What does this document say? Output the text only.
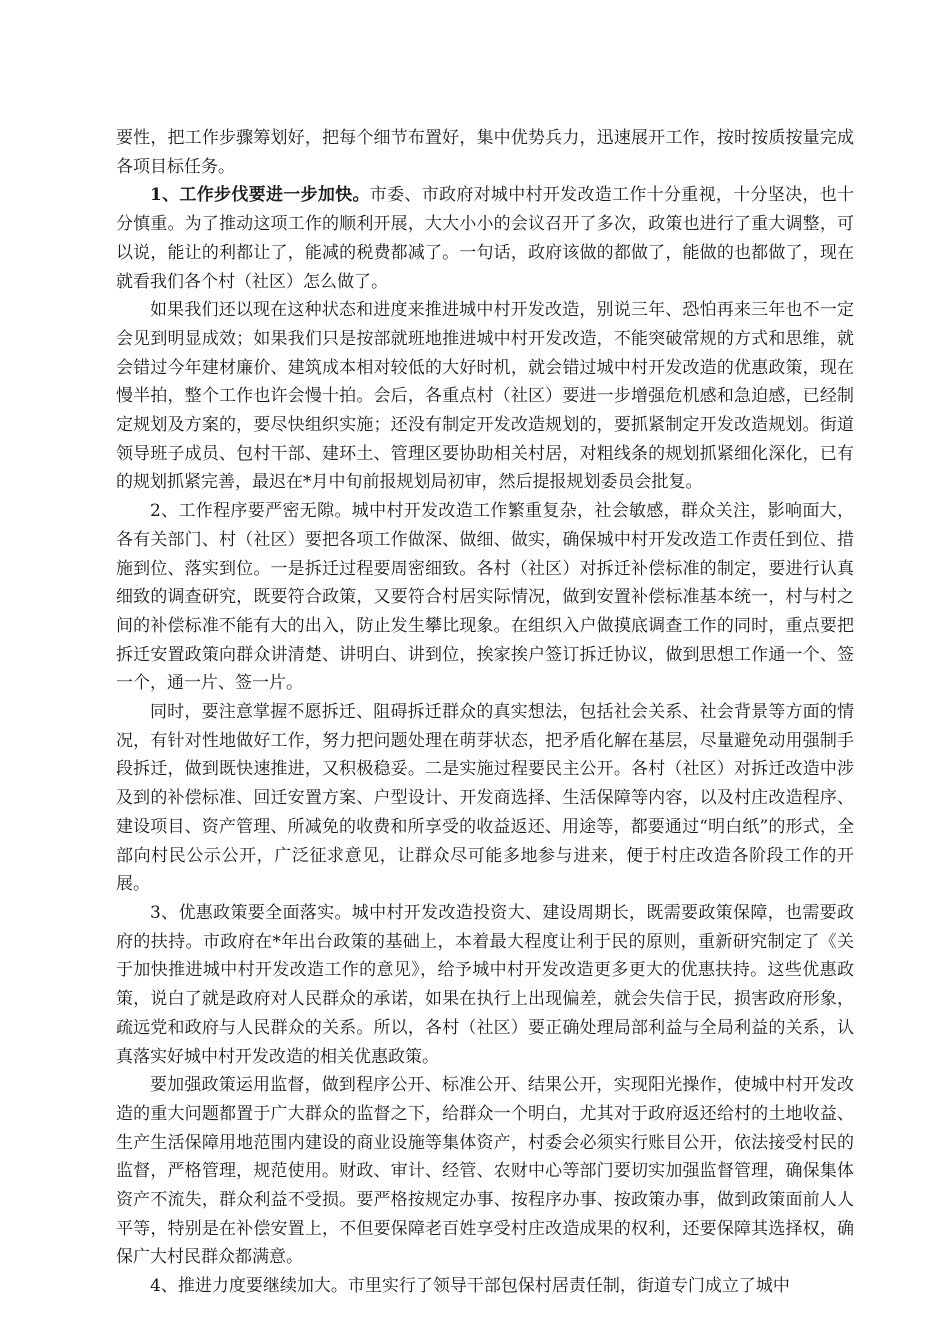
要性，把工作步骤筹划好，把每个细节布置好，集中优势兵力，迅速展开工作，按时按质按量完成各项目标任务。

1、工作步伐要进一步加快。市委、市政府对城中村开发改造工作十分重视，十分坚决，也十分慎重。为了推动这项工作的顺利开展，大大小小的会议召开了多次，政策也进行了重大调整，可以说，能让的利都让了，能减的税费都减了。一句话，政府该做的都做了，能做的也都做了，现在就看我们各个村（社区）怎么做了。

如果我们还以现在这种状态和进度来推进城中村开发改造，别说三年、恐怕再来三年也不一定会见到明显成效；如果我们只是按部就班地推进城中村开发改造，不能突破常规的方式和思维，就会错过今年建材廉价、建筑成本相对较低的大好时机，就会错过城中村开发改造的优惠政策，现在慢半拍，整个工作也许会慢十拍。会后，各重点村（社区）要进一步增强危机感和急迫感，已经制定规划及方案的，要尽快组织实施；还没有制定开发改造规划的，要抓紧制定开发改造规划。街道领导班子成员、包村干部、建环土、管理区要协助相关村居，对粗线条的规划抓紧细化深化，已有的规划抓紧完善，最迟在*月中旬前报规划局初审，然后提报规划委员会批复。

2、工作程序要严密无隙。城中村开发改造工作繁重复杂，社会敏感，群众关注，影响面大，各有关部门、村（社区）要把各项工作做深、做细、做实，确保城中村开发改造工作责任到位、措施到位、落实到位。一是拆迁过程要周密细致。各村（社区）对拆迁补偿标准的制定，要进行认真细致的调查研究，既要符合政策，又要符合村居实际情况，做到安置补偿标准基本统一，村与村之间的补偿标准不能有大的出入，防止发生攀比现象。在组织入户做摸底调查工作的同时，重点要把拆迁安置政策向群众讲清楚、讲明白、讲到位，挨家挨户签订拆迁协议，做到思想工作通一个、签一个，通一片、签一片。

同时，要注意掌握不愿拆迁、阻碍拆迁群众的真实想法，包括社会关系、社会背景等方面的情况，有针对性地做好工作，努力把问题处理在萌芽状态，把矛盾化解在基层，尽量避免动用强制手段拆迁，做到既快速推进，又积极稳妥。二是实施过程要民主公开。各村（社区）对拆迁改造中涉及到的补偿标准、回迁安置方案、户型设计、开发商选择、生活保障等内容，以及村庄改造程序、建设项目、资产管理、所减免的收费和所享受的收益返还、用途等，都要通过“明白纸”的形式，全部向村民公示公开，广泛征求意见，让群众尽可能多地参与进来，便于村庄改造各阶段工作的开展。

3、优惠政策要全面落实。城中村开发改造投资大、建设周期长，既需要政策保障，也需要政府的扶持。市政府在*年出台政策的基础上，本着最大程度让利于民的原则，重新研究制定了《关于加快推进城中村开发改造工作的意见》，给予城中村开发改造更多更大的优惠扶持。这些优惠政策，说白了就是政府对人民群众的承诺，如果在执行上出现偏差，就会失信于民，损害政府形象，疏远党和政府与人民群众的关系。所以，各村（社区）要正确处理局部利益与全局利益的关系，认真落实好城中村开发改造的相关优惠政策。

要加强政策运用监督，做到程序公开、标准公开、结果公开，实现阳光操作，使城中村开发改造的重大问题都置于广大群众的监督之下，给群众一个明白，尤其对于政府返还给村的土地收益、生产生活保障用地范围内建设的商业设施等集体资产，村委会必须实行账目公开，依法接受村民的监督，严格管理，规范使用。财政、审计、经管、农财中心等部门要切实加强监督管理，确保集体资产不流失，群众利益不受损。要严格按规定办事、按程序办事、按政策办事，做到政策面前人人平等，特别是在补偿安置上，不但要保障老百姓享受村庄改造成果的权利，还要保障其选择权，确保广大村民群众都满意。

4、推进力度要继续加大。市里实行了领导干部包保村居责任制，街道专门成立了城中
